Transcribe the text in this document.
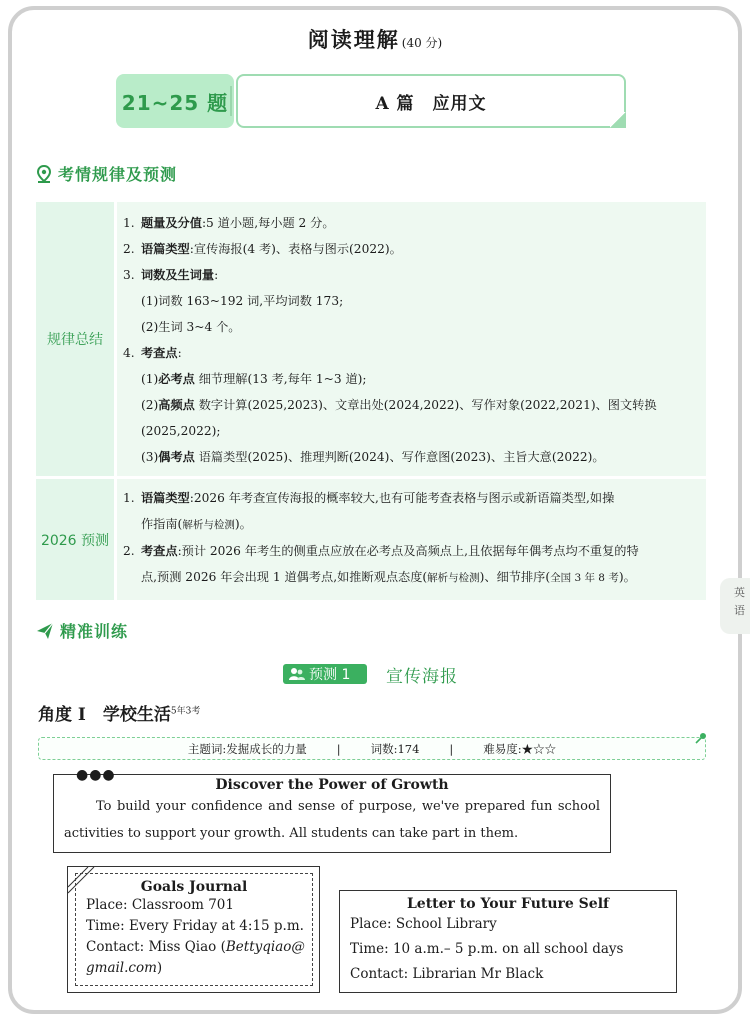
英
语
阅读理解 (40 分)
21~25 题	A 篇　应用文
考情规律及预测
规律总结
1. 题量及分值:5 道小题,每小题 2 分。
2. 语篇类型:宣传海报(4 考)、表格与图示(2022)。
3. 词数及生词量:
(1)词数 163~192 词,平均词数 173;
(2)生词 3~4 个。
4. 考查点:
(1)必考点 细节理解(13 考,每年 1~3 道);
(2)高频点 数字计算(2025,2023)、文章出处(2024,2022)、写作对象(2022,2021)、图文转换
(2025,2022);
(3)偶考点 语篇类型(2025)、推理判断(2024)、写作意图(2023)、主旨大意(2022)。
2026 预测
1. 语篇类型:2026 年考查宣传海报的概率较大,也有可能考查表格与图示或新语篇类型,如操
作指南(解析与检测)。
2. 考查点:预计 2026 年考生的侧重点应放在必考点及高频点上,且依据每年偶考点均不重复的特
点,预测 2026 年会出现 1 道偶考点,如推断观点态度(解析与检测)、细节排序(全国 3 年 8 考)。
精准训练
预测 1 宣传海报
角度 I　学校生活$^{5年3考}$
主题词:发掘成长的力量	|	词数:174	|	难易度:★☆☆
●●●
Discover the Power of Growth

To build your confidence and sense of purpose, we've prepared fun school activities to support your growth. All students can take part in them.

Goals Journal
Place: Classroom 701
Time: Every Friday at 4:15 p.m.
Contact: Miss Qiao (Bettyqiao@
gmail.com)
Letter to Your Future Self
Place: School Library
Time: 10 a.m.– 5 p.m. on all school days
Contact: Librarian Mr Black
